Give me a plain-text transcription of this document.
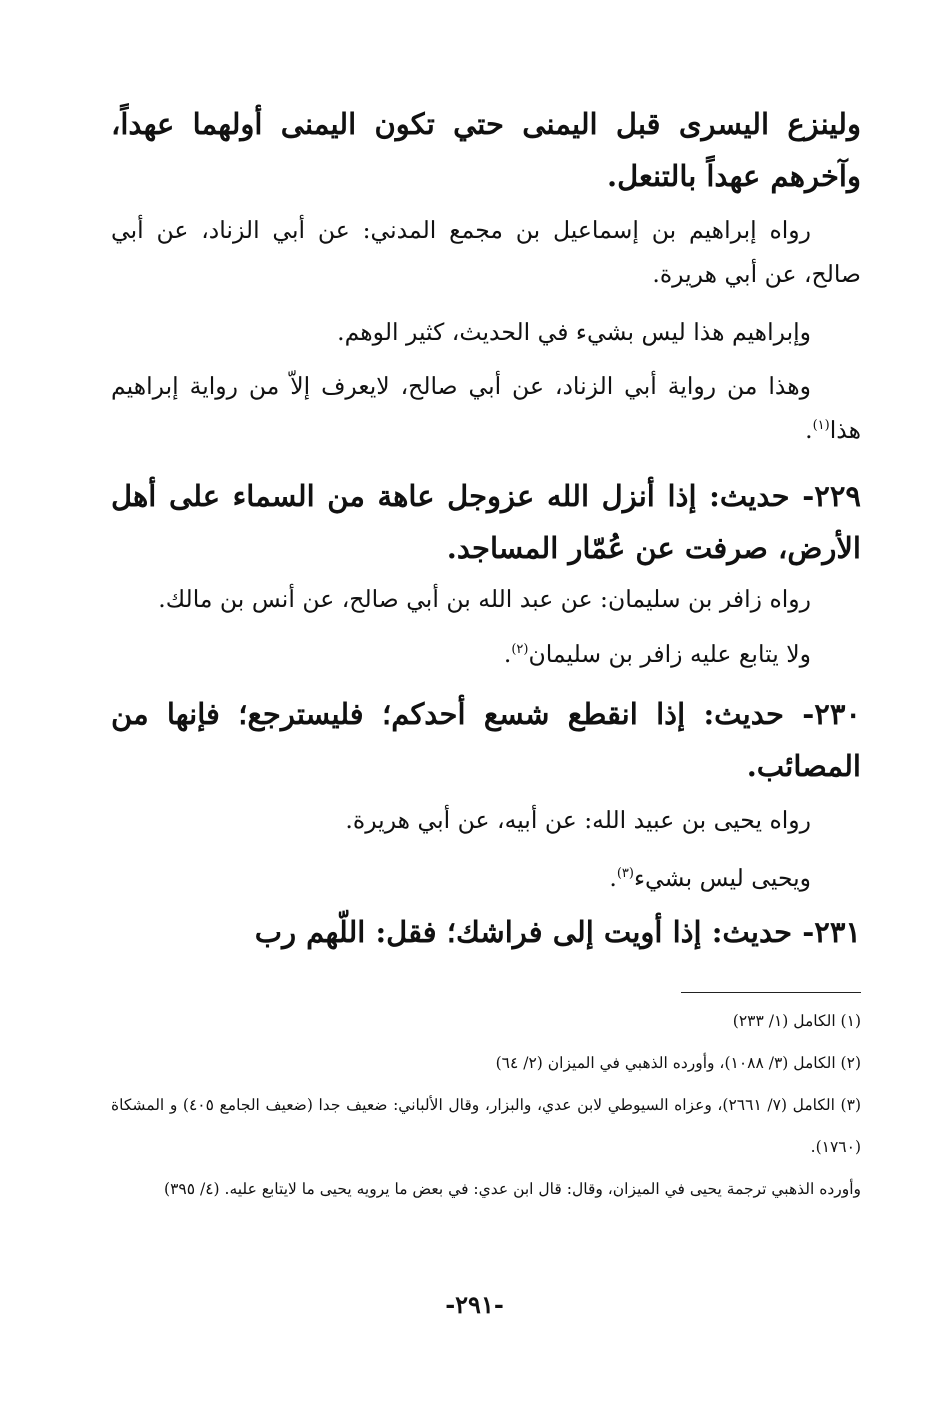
ولينزع اليسرى قبل اليمنى حتي تكون اليمنى أولهما عهداً، وآخرهم عهداً بالتنعل.
رواه إبراهيم بن إسماعيل بن مجمع المدني: عن أبي الزناد، عن أبي صالح، عن أبي هريرة.
وإبراهيم هذا ليس بشيء في الحديث، كثير الوهم.
وهذا من رواية أبي الزناد، عن أبي صالح، لايعرف إلاّ من رواية إبراهيم هذا$^{(١)}$.
٢٢٩- حديث: إذا أنزل الله عزوجل عاهة من السماء على أهل الأرض، صرفت عن عُمّار المساجد.
رواه زافر بن سليمان: عن عبد الله بن أبي صالح، عن أنس بن مالك.
ولا يتابع عليه زافر بن سليمان$^{(٢)}$.
٢٣٠- حديث: إذا انقطع شسع أحدكم؛ فليسترجع؛ فإنها من المصائب.
رواه يحيى بن عبيد الله: عن أبيه، عن أبي هريرة.
ويحيى ليس بشيء$^{(٣)}$.
٢٣١- حديث: إذا أويت إلى فراشك؛ فقل: اللّهم رب
(١) الكامل (١/ ٢٣٣)
(٢) الكامل (٣/ ١٠٨٨)، وأورده الذهبي في الميزان (٢/ ٦٤)
(٣) الكامل (٧/ ٢٦٦١)، وعزاه السيوطي لابن عدي، والبزار، وقال الألباني: ضعيف جدا (ضعيف الجامع ٤٠٥) و المشكاة (١٧٦٠).
وأورده الذهبي ترجمة يحيى في الميزان، وقال: قال ابن عدي: في بعض ما يرويه يحيى ما لايتابع عليه. (٤/ ٣٩٥)
-٢٩١-
